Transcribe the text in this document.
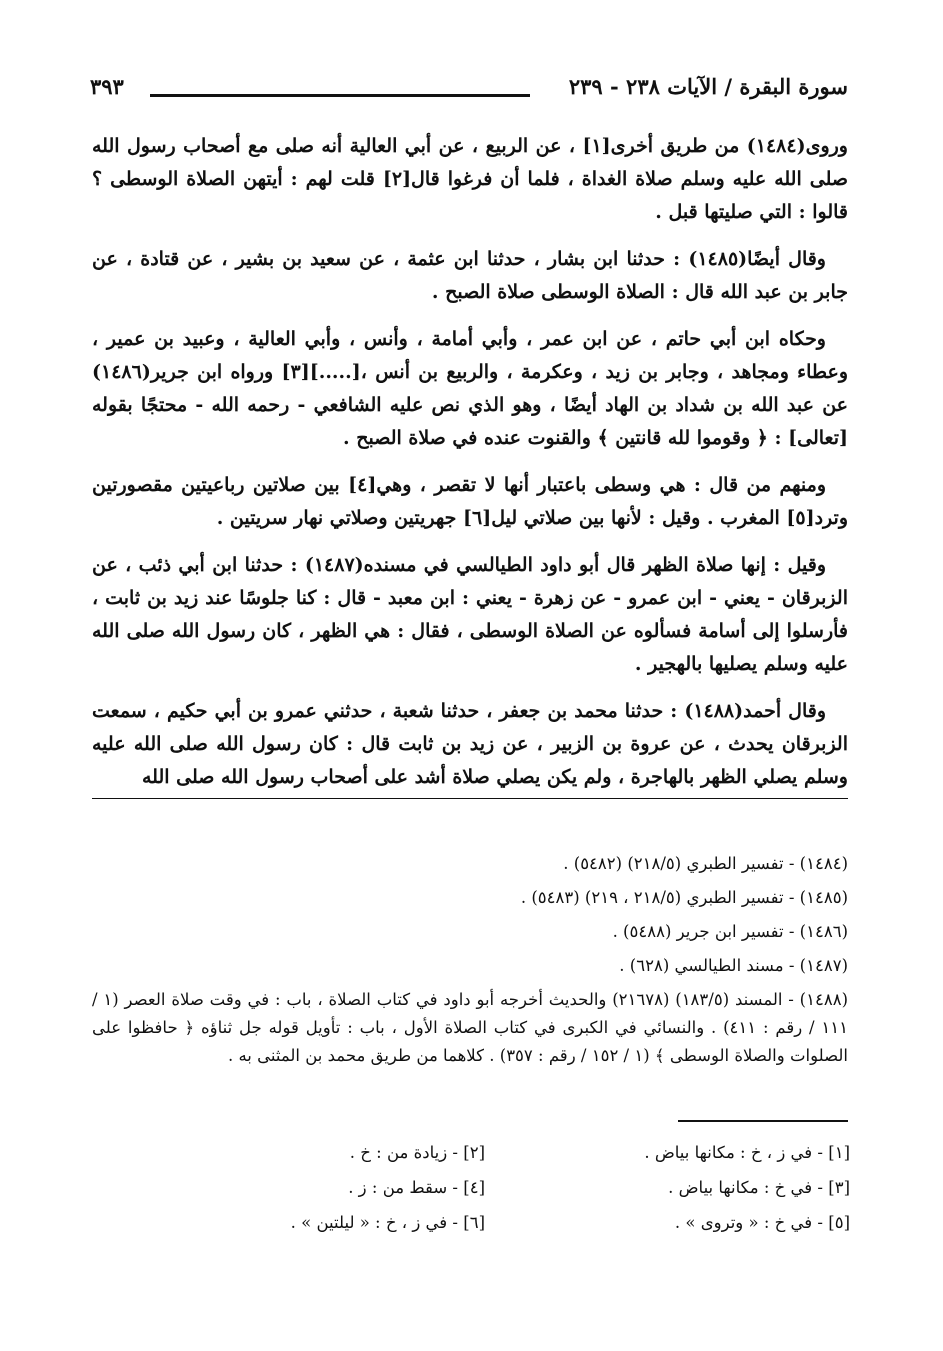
سورة البقرة / الآيات ٢٣٨ - ٢٣٩
٣٩٣

وروى(١٤٨٤) من طريق أخرى[١] ، عن الربيع ، عن أبي العالية أنه صلى مع أصحاب رسول الله صلى الله عليه وسلم صلاة الغداة ، فلما أن فرغوا قال[٢] قلت لهم : أيتهن الصلاة الوسطى ؟ قالوا : التي صليتها قبل .

وقال أيضًا(١٤٨٥) : حدثنا ابن بشار ، حدثنا ابن عثمة ، عن سعيد بن بشير ، عن قتادة ، عن جابر بن عبد الله قال : الصلاة الوسطى صلاة الصبح .

وحكاه ابن أبي حاتم ، عن ابن عمر ، وأبي أمامة ، وأنس ، وأبي العالية ، وعبيد بن عمير ، وعطاء ومجاهد ، وجابر بن زيد ، وعكرمة ، والربيع بن أنس ،[.....][٣] ورواه ابن جرير(١٤٨٦) عن عبد الله بن شداد بن الهاد أيضًا ، وهو الذي نص عليه الشافعي - رحمه الله - محتجًا بقوله [تعالى] : ﴿ وقوموا لله قانتين ﴾ والقنوت عنده في صلاة الصبح .

ومنهم من قال : هي وسطى باعتبار أنها لا تقصر ، وهي[٤] بين صلاتين رباعيتين مقصورتين وترد[٥] المغرب . وقيل : لأنها بين صلاتي ليل[٦] جهريتين وصلاتي نهار سريتين .

وقيل : إنها صلاة الظهر قال أبو داود الطيالسي في مسنده(١٤٨٧) : حدثنا ابن أبي ذئب ، عن الزبرقان - يعني - ابن عمرو - عن زهرة - يعني : ابن معبد - قال : كنا جلوسًا عند زيد بن ثابت ، فأرسلوا إلى أسامة فسألوه عن الصلاة الوسطى ، فقال : هي الظهر ، كان رسول الله صلى الله عليه وسلم يصليها بالهجير .

وقال أحمد(١٤٨٨) : حدثنا محمد بن جعفر ، حدثنا شعبة ، حدثني عمرو بن أبي حكيم ، سمعت الزبرقان يحدث ، عن عروة بن الزبير ، عن زيد بن ثابت قال : كان رسول الله صلى الله عليه وسلم يصلي الظهر بالهاجرة ، ولم يكن يصلي صلاة أشد على أصحاب رسول الله صلى الله

(١٤٨٤) - تفسير الطبري (٢١٨/٥) (٥٤٨٢) .
(١٤٨٥) - تفسير الطبري (٢١٨/٥ ، ٢١٩) (٥٤٨٣) .
(١٤٨٦) - تفسير ابن جرير (٥٤٨٨) .
(١٤٨٧) - مسند الطيالسي (٦٢٨) .
(١٤٨٨) - المسند (١٨٣/٥) (٢١٦٧٨) والحديث أخرجه أبو داود في كتاب الصلاة ، باب : في وقت صلاة العصر (١ / ١١١ / رقم : ٤١١) . والنسائي في الكبرى في كتاب الصلاة الأول ، باب : تأويل قوله جل ثناؤه ﴿ حافظوا على الصلوات والصلاة الوسطى ﴾ (١ / ١٥٢ / رقم : ٣٥٧) . كلاهما من طريق محمد بن المثنى به .
[١] - في ز ، خ : مكانها بياض .
[٢] - زيادة من : خ .
[٣] - في خ : مكانها بياض .
[٤] - سقط من : ز .
[٥] - في خ : « وتروى » .
[٦] - في ز ، خ : « ليلتين » .
